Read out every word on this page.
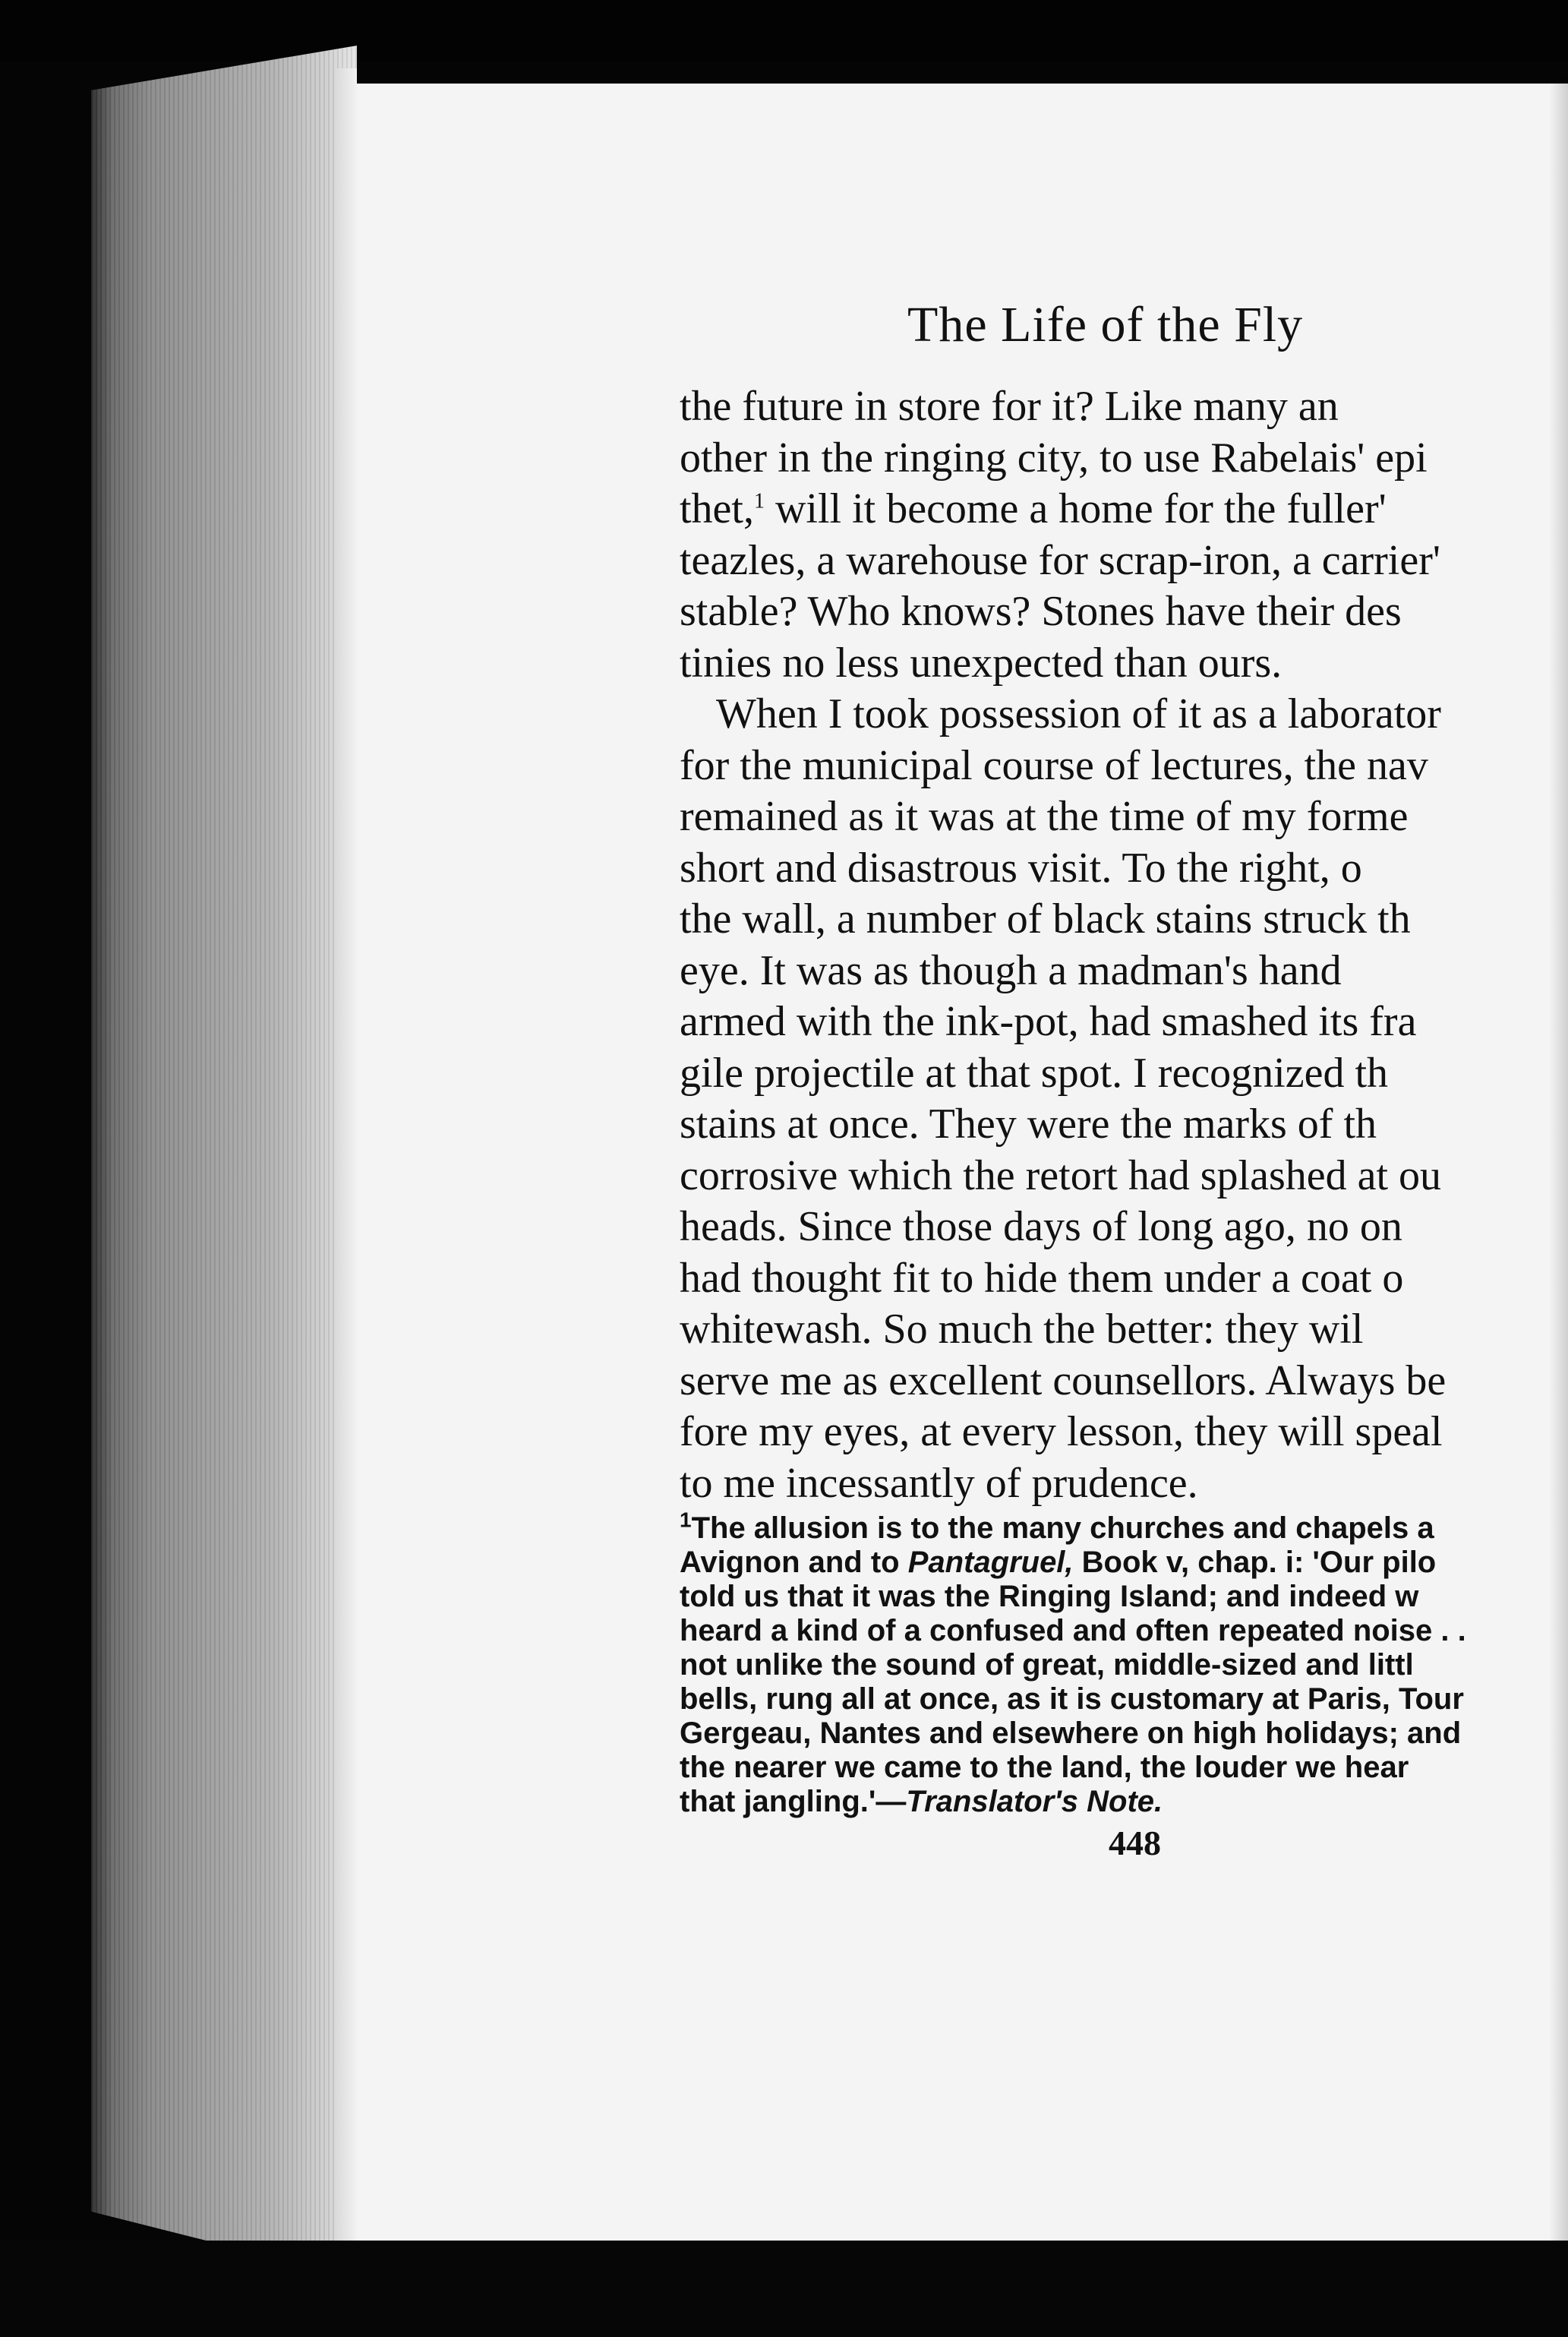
The Life of the Fly
the future in store for it? Like many an
other in the ringing city, to use Rabelais' epi
thet,$^1$ will it become a home for the fuller'
teazles, a warehouse for scrap-iron, a carrier'
stable? Who knows? Stones have their des
tinies no less unexpected than ours.
When I took possession of it as a laborator
for the municipal course of lectures, the nav
remained as it was at the time of my forme
short and disastrous visit. To the right, o
the wall, a number of black stains struck th
eye. It was as though a madman's hand
armed with the ink-pot, had smashed its fra
gile projectile at that spot. I recognized th
stains at once. They were the marks of th
corrosive which the retort had splashed at ou
heads. Since those days of long ago, no on
had thought fit to hide them under a coat o
whitewash. So much the better: they wil
serve me as excellent counsellors. Always be
fore my eyes, at every lesson, they will speal
to me incessantly of prudence.
$^1$The allusion is to the many churches and chapels a
Avignon and to Pantagruel, Book v, chap. i: 'Our pilo
told us that it was the Ringing Island; and indeed w
heard a kind of a confused and often repeated noise . .
not unlike the sound of great, middle-sized and littl
bells, rung all at once, as it is customary at Paris, Tour
Gergeau, Nantes and elsewhere on high holidays; and
the nearer we came to the land, the louder we hear
that jangling.'—Translator's Note.
448
